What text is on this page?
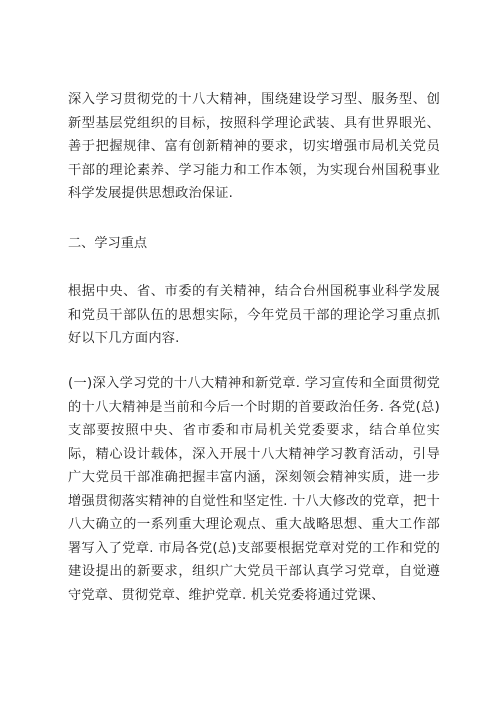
深入学习贯彻党的十八大精神，围绕建设学习型、服务型、创新型基层党组织的目标，按照科学理论武装、具有世界眼光、善于把握规律、富有创新精神的要求，切实增强市局机关党员干部的理论素养、学习能力和工作本领，为实现台州国税事业科学发展提供思想政治保证.

二、学习重点

根据中央、省、市委的有关精神，结合台州国税事业科学发展和党员干部队伍的思想实际，今年党员干部的理论学习重点抓好以下几方面内容.

(一)深入学习党的十八大精神和新党章. 学习宣传和全面贯彻党的十八大精神是当前和今后一个时期的首要政治任务. 各党(总)支部要按照中央、省市委和市局机关党委要求，结合单位实际，精心设计载体，深入开展十八大精神学习教育活动，引导广大党员干部准确把握丰富内涵，深刻领会精神实质，进一步增强贯彻落实精神的自觉性和坚定性. 十八大修改的党章，把十八大确立的一系列重大理论观点、重大战略思想、重大工作部署写入了党章. 市局各党(总)支部要根据党章对党的工作和党的建设提出的新要求，组织广大党员干部认真学习党章，自觉遵守党章、贯彻党章、维护党章. 机关党委将通过党课、
